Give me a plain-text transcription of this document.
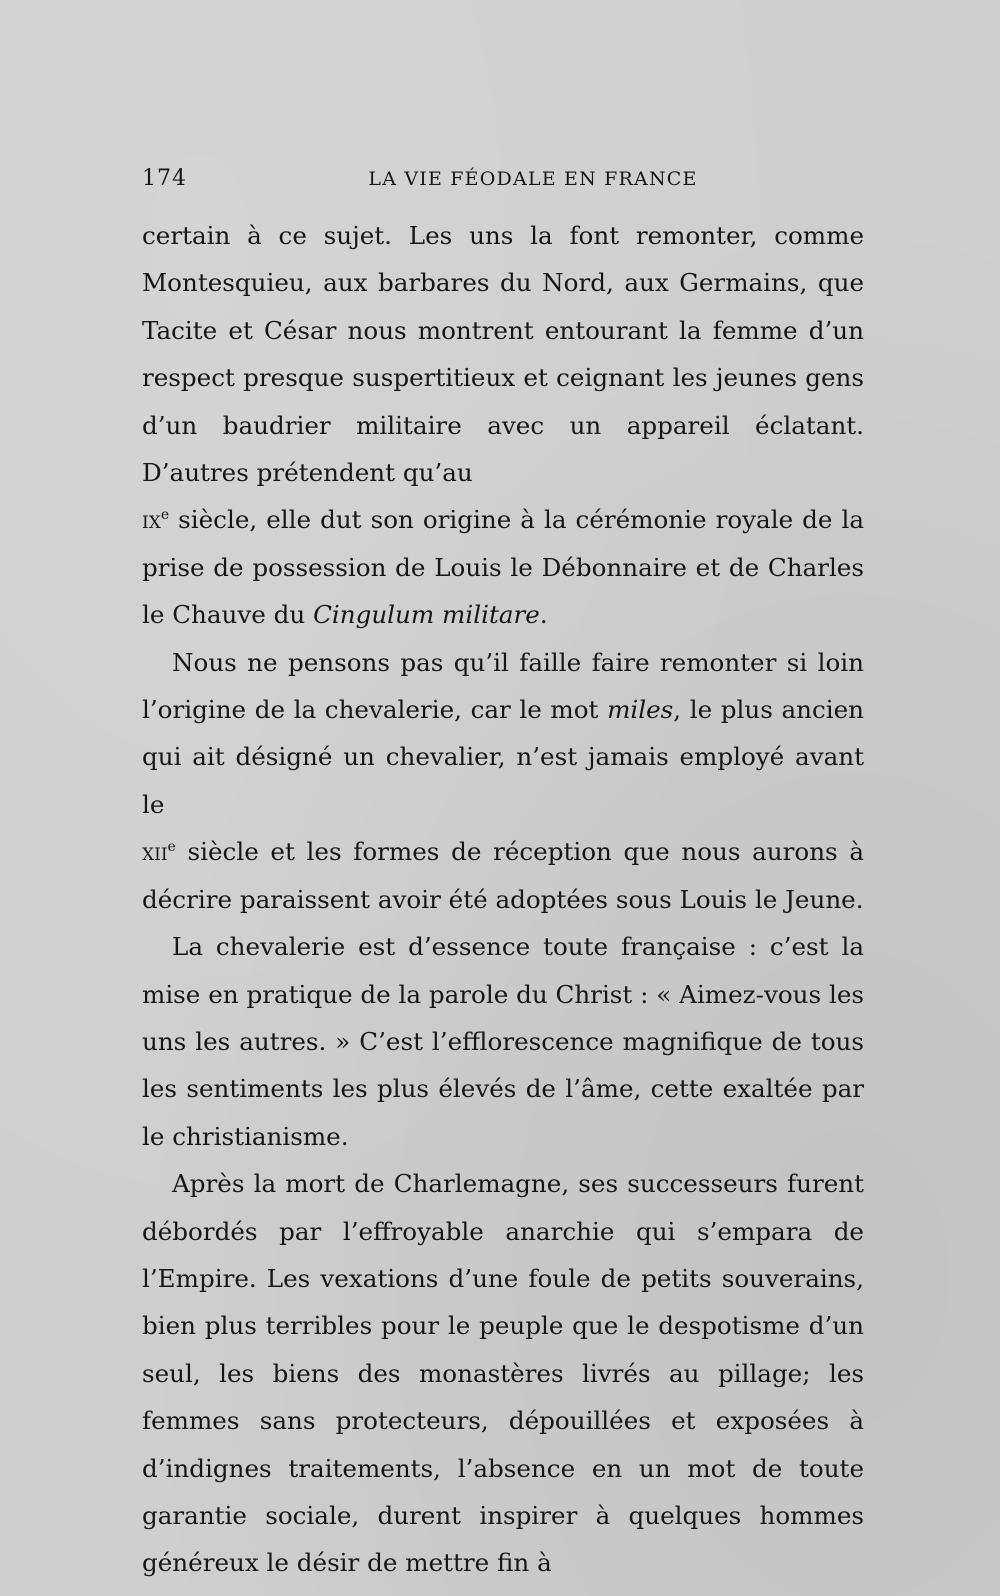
174	LA VIE FÉODALE EN FRANCE

certain à ce sujet. Les uns la font remonter, comme Montesquieu, aux barbares du Nord, aux Germains, que Tacite et César nous montrent entourant la femme d’un respect presque suspertitieux et ceignant les jeunes gens d’un baudrier militaire avec un appareil éclatant. D’autres prétendent qu’au
$ix^e$ siècle, elle dut son origine à la cérémonie royale de la prise de possession de Louis le Débonnaire et de Charles le Chauve du Cingulum militare.

Nous ne pensons pas qu’il faille faire remonter si loin l’origine de la chevalerie, car le mot miles, le plus ancien qui ait désigné un chevalier, n’est jamais employé avant le
xii$^e$ siècle et les formes de réception que nous aurons à décrire paraissent avoir été adoptées sous Louis le Jeune.

La chevalerie est d’essence toute française : c’est la mise en pratique de la parole du Christ : « Aimez-vous les uns les autres. » C’est l’efflorescence magnifique de tous les sentiments les plus élevés de l’âme, cette exaltée par le christianisme.

Après la mort de Charlemagne, ses successeurs furent débordés par l’effroyable anarchie qui s’empara de l’Empire. Les vexations d’une foule de petits souverains, bien plus terribles pour le peuple que le despotisme d’un seul, les biens des monastères livrés au pillage; les femmes sans protecteurs, dépouillées et exposées à d’indignes traitements, l’absence en un mot de toute garantie sociale, durent inspirer à quelques hommes généreux le désir de mettre fin à
